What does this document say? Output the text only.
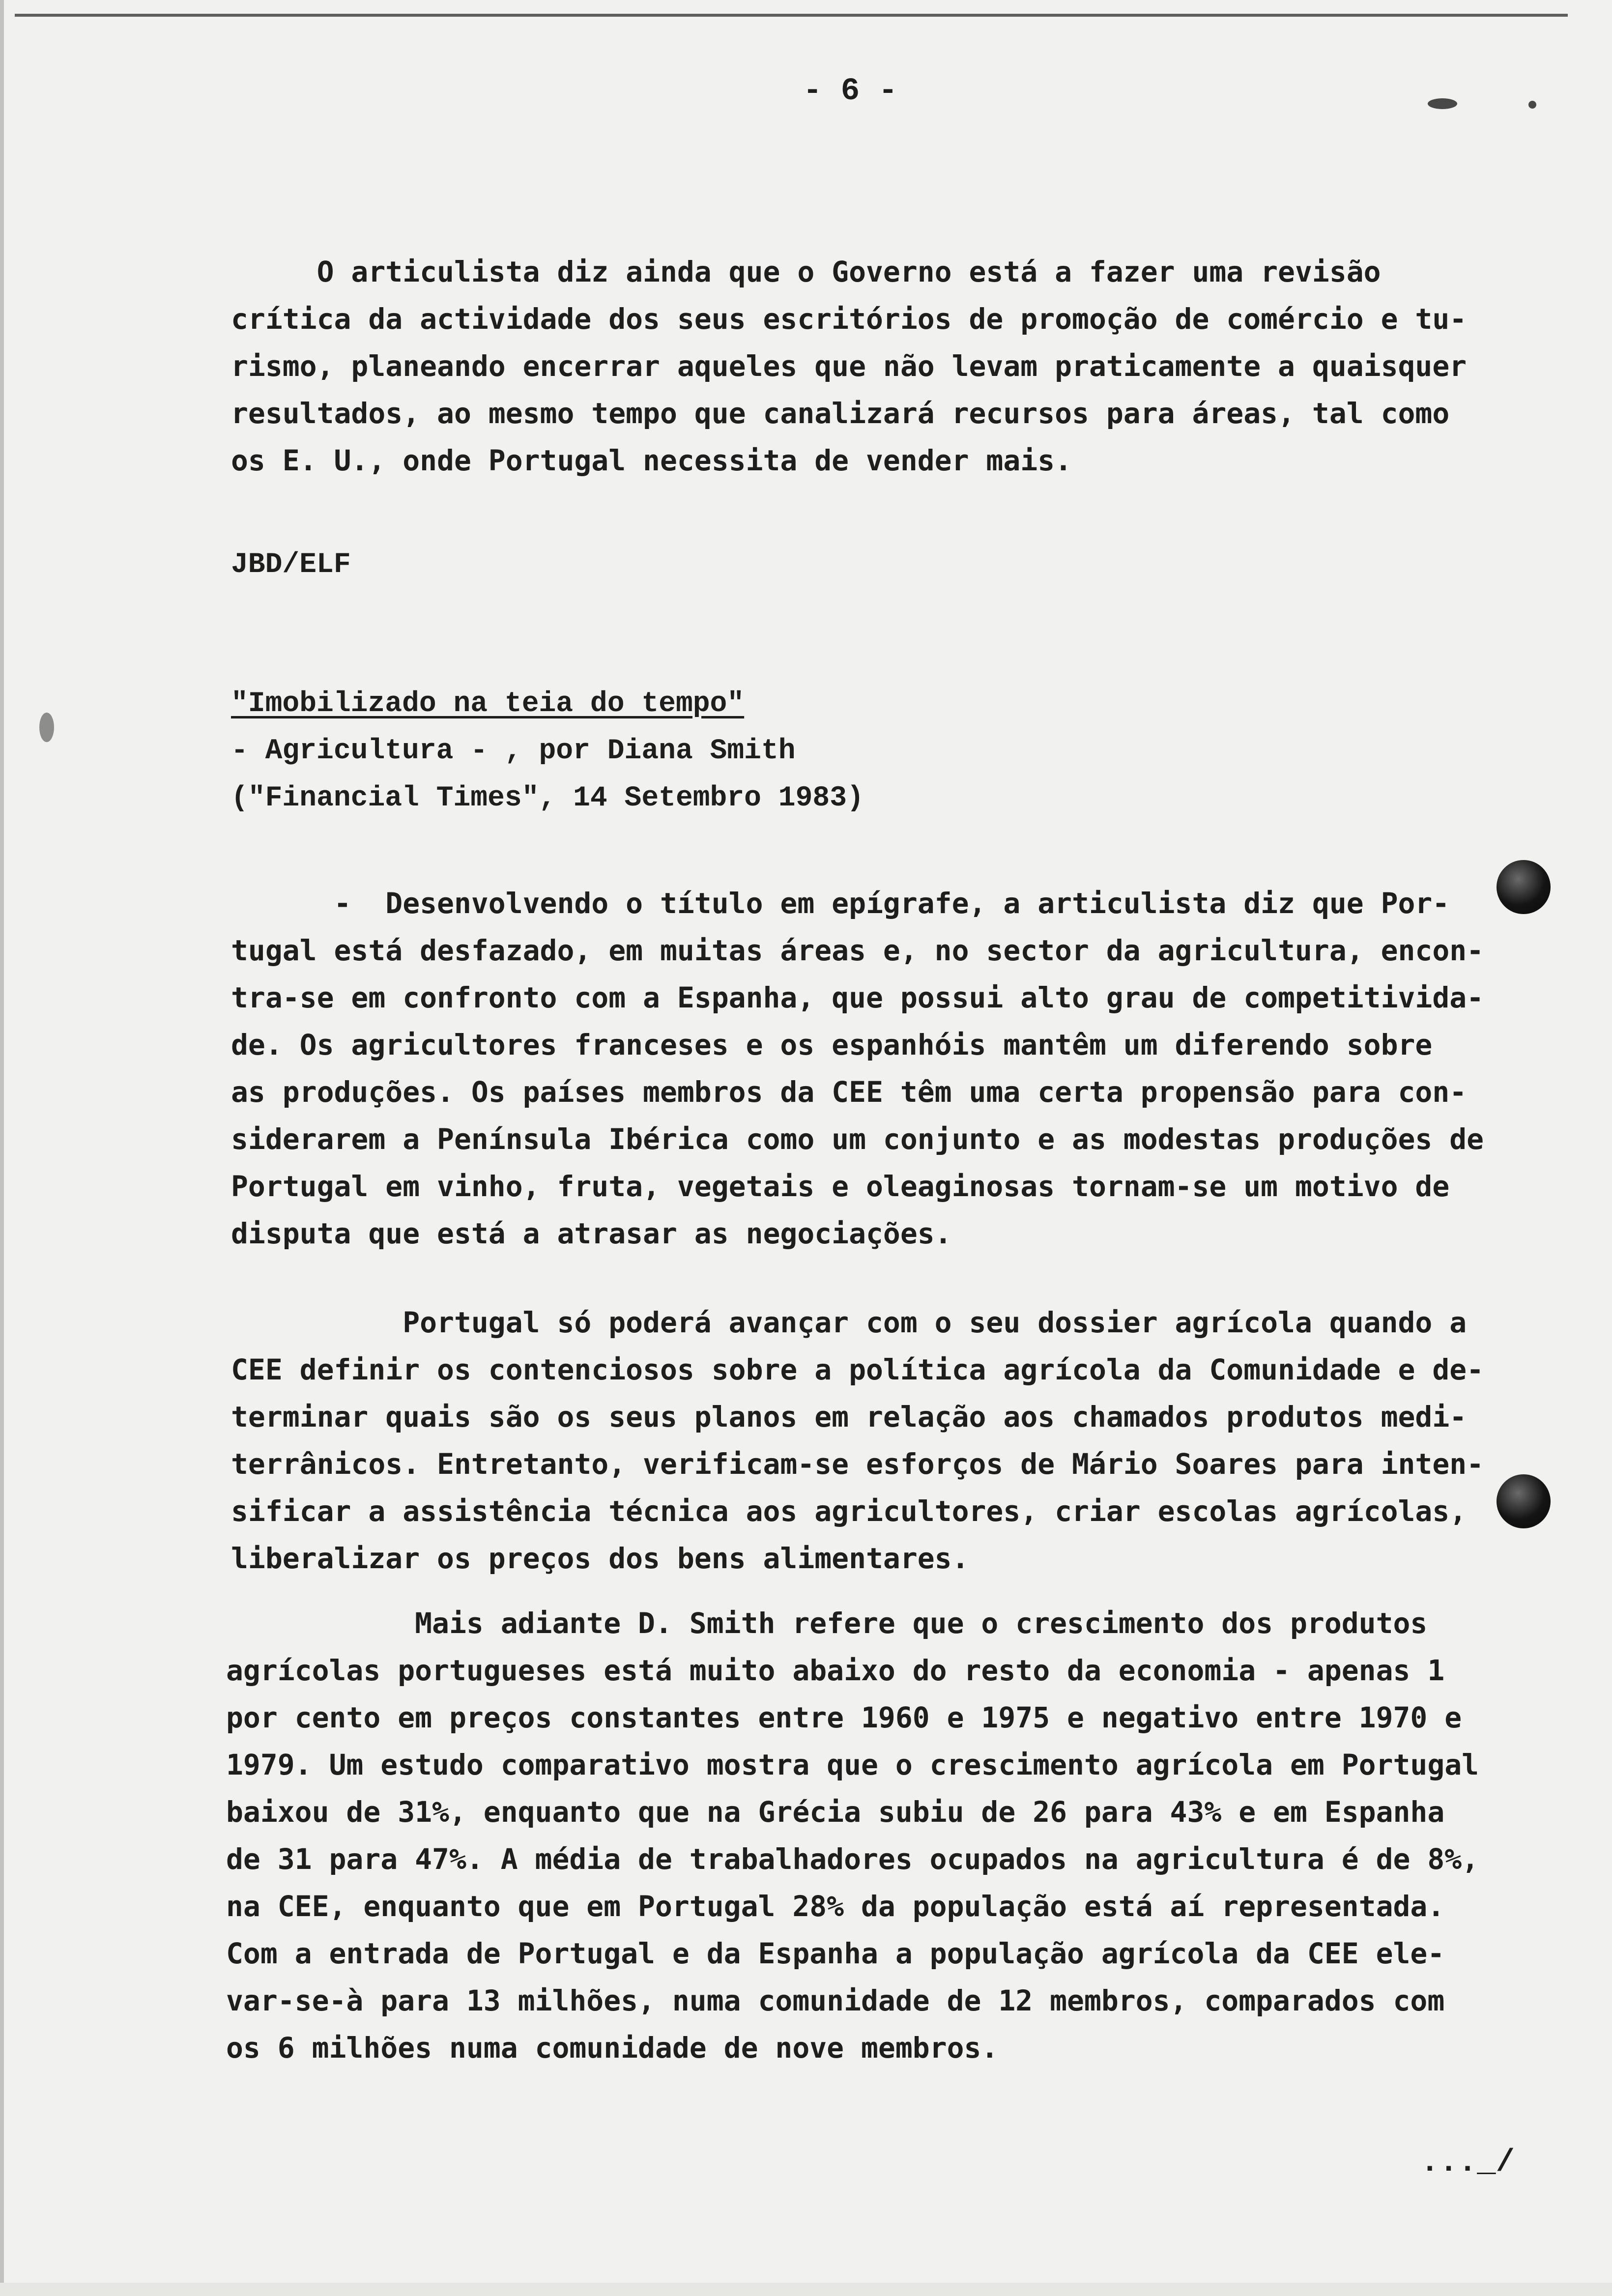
- 6 -
O articulista diz ainda que o Governo está a fazer uma revisão
crítica da actividade dos seus escritórios de promoção de comércio e tu-
rismo, planeando encerrar aqueles que não levam praticamente a quaisquer
resultados, ao mesmo tempo que canalizará recursos para áreas, tal como
os E. U., onde Portugal necessita de vender mais.
JBD/ELF
"Imobilizado na teia do tempo"
- Agricultura - , por Diana Smith
("Financial Times", 14 Setembro 1983)
-  Desenvolvendo o título em epígrafe, a articulista diz que Por-
tugal está desfazado, em muitas áreas e, no sector da agricultura, encon-
tra-se em confronto com a Espanha, que possui alto grau de competitivida-
de. Os agricultores franceses e os espanhóis mantêm um diferendo sobre
as produções. Os países membros da CEE têm uma certa propensão para con-
siderarem a Península Ibérica como um conjunto e as modestas produções de
Portugal em vinho, fruta, vegetais e oleaginosas tornam-se um motivo de
disputa que está a atrasar as negociações.
Portugal só poderá avançar com o seu dossier agrícola quando a
CEE definir os contenciosos sobre a política agrícola da Comunidade e de-
terminar quais são os seus planos em relação aos chamados produtos medi-
terrânicos. Entretanto, verificam-se esforços de Mário Soares para inten-
sificar a assistência técnica aos agricultores, criar escolas agrícolas,
liberalizar os preços dos bens alimentares.
Mais adiante D. Smith refere que o crescimento dos produtos
agrícolas portugueses está muito abaixo do resto da economia - apenas 1
por cento em preços constantes entre 1960 e 1975 e negativo entre 1970 e
1979. Um estudo comparativo mostra que o crescimento agrícola em Portugal
baixou de 31%, enquanto que na Grécia subiu de 26 para 43% e em Espanha
de 31 para 47%. A média de trabalhadores ocupados na agricultura é de 8%,
na CEE, enquanto que em Portugal 28% da população está aí representada.
Com a entrada de Portugal e da Espanha a população agrícola da CEE ele-
var-se-à para 13 milhões, numa comunidade de 12 membros, comparados com
os 6 milhões numa comunidade de nove membros.
..._/
